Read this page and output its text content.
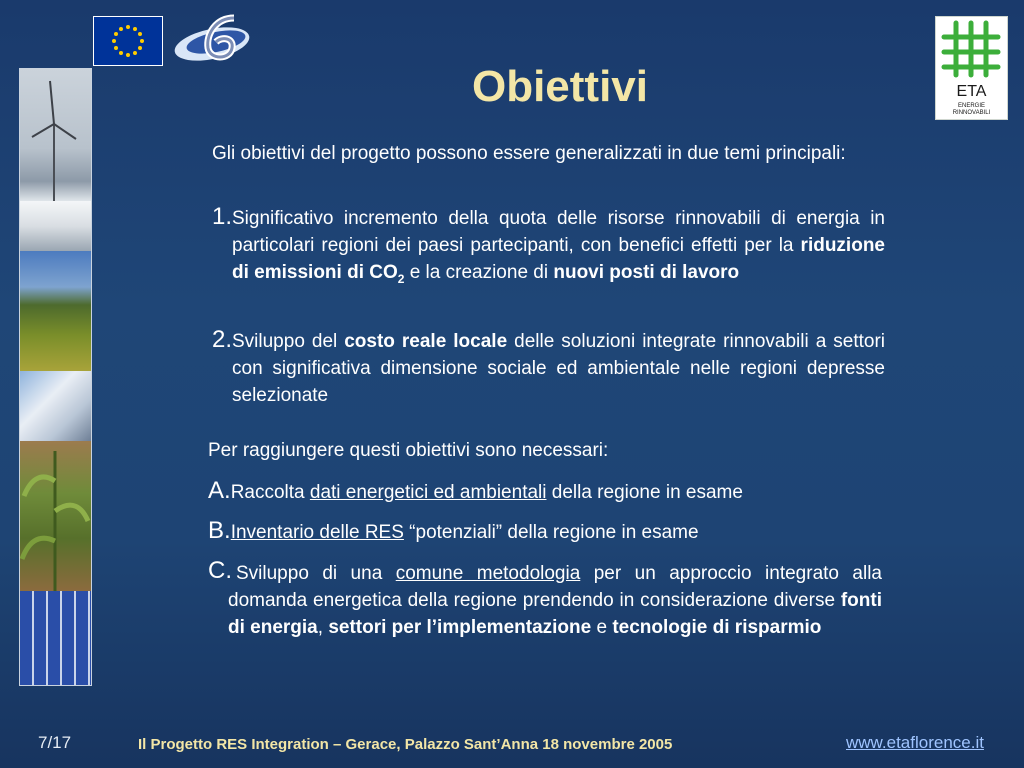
ETA
ENERGIE
RINNOVABILI
Obiettivi
Gli obiettivi del progetto possono essere generalizzati in due temi principali:
1. Significativo incremento della quota delle risorse rinnovabili di energia in particolari regioni dei paesi partecipanti, con benefici effetti per la riduzione di emissioni di $CO_2$ e la creazione di nuovi posti di lavoro
2. Sviluppo del costo reale locale delle soluzioni integrate rinnovabili a settori con significativa dimensione sociale ed ambientale nelle regioni depresse selezionate
Per raggiungere questi obiettivi sono necessari:
A.Raccolta dati energetici ed ambientali della regione in esame
B.Inventario delle RES “potenziali” della regione in esame
C. Sviluppo di una comune metodologia per un approccio integrato alla domanda energetica della regione prendendo in considerazione diverse fonti di energia, settori per l’implementazione e tecnologie di risparmio
7/17	Il Progetto RES Integration – Gerace, Palazzo Sant’Anna 18 novembre 2005	www.etaflorence.it
